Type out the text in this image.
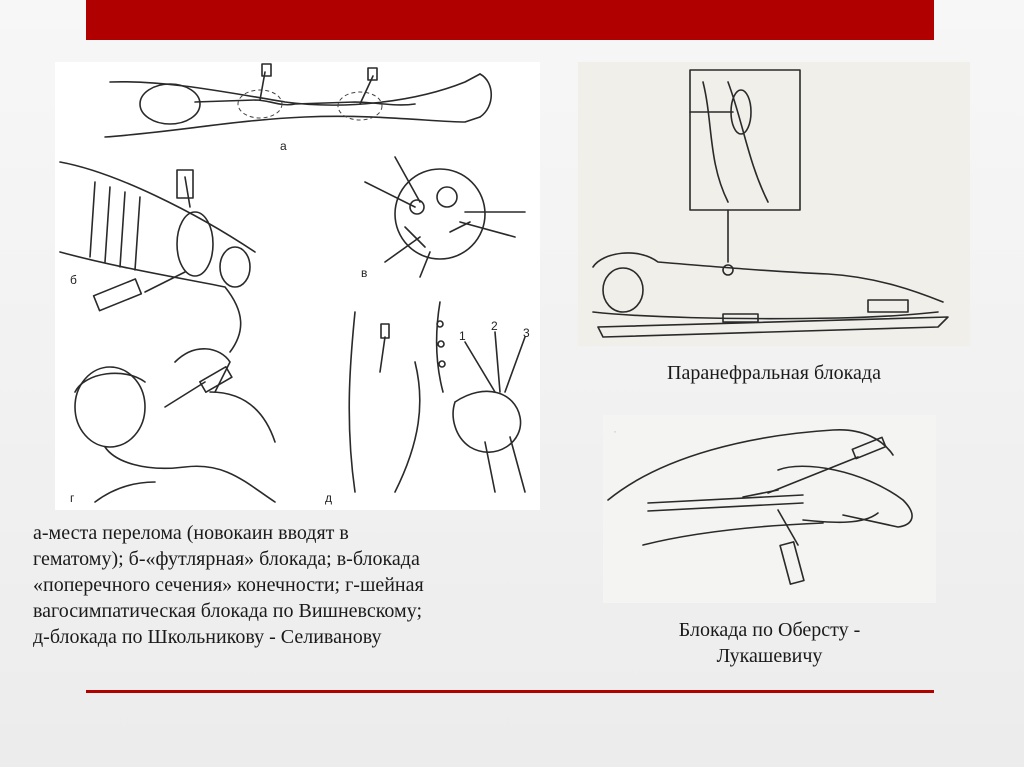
а
б	в
г
1
2 3
д
Паранефральная блокада
·
Блокада по Оберсту -
Лукашевичу
а-места перелома (новокаин вводят в
гематому); б-«футлярная» блокада; в-блокада
«поперечного сечения» конечности; г-шейная
вагосимпатическая блокада по Вишневскому;
д-блокада по Школьникову - Селиванову
